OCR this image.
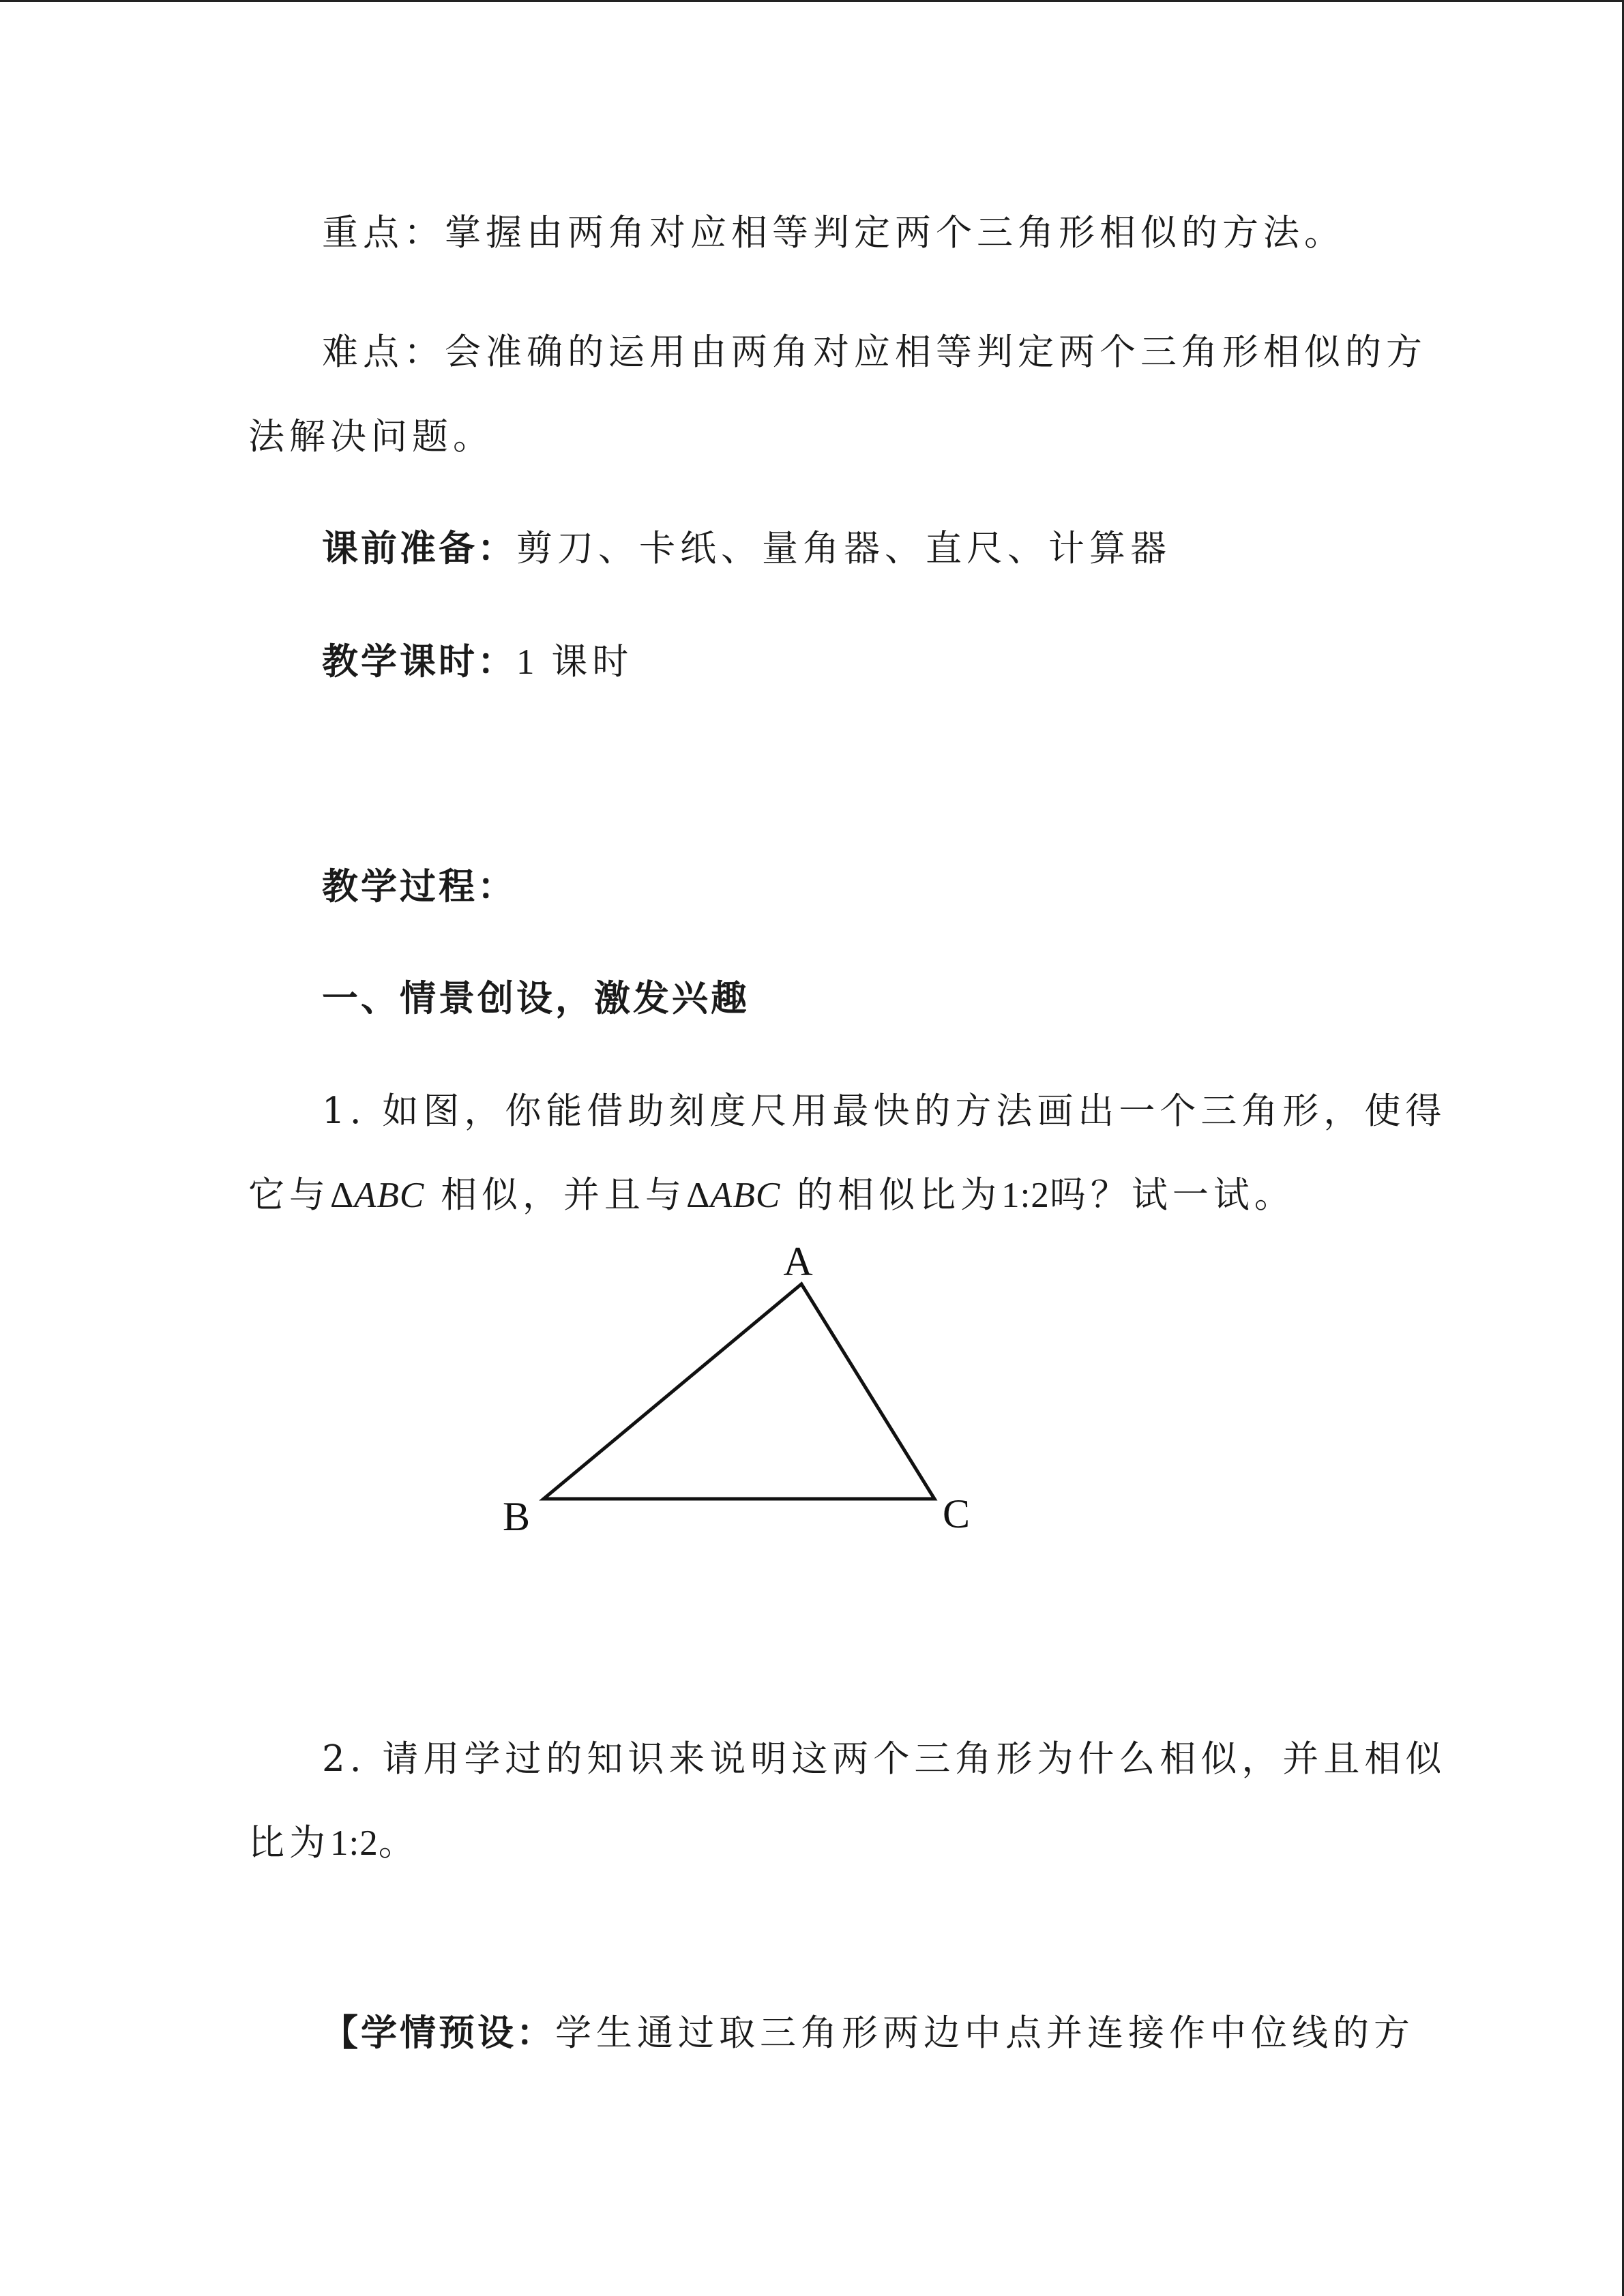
重点：掌握由两角对应相等判定两个三角形相似的方法。
难点：会准确的运用由两角对应相等判定两个三角形相似的方
法解决问题。
课前准备：剪刀、卡纸、量角器、直尺、计算器
教学课时：1 课时
教学过程：
一、情景创设，激发兴趣
1. 如图，你能借助刻度尺用最快的方法画出一个三角形，使得
它与ΔABC 相似，并且与ΔABC 的相似比为1:2吗？试一试。
A
B	C
2. 请用学过的知识来说明这两个三角形为什么相似，并且相似
比为1:2。
【学情预设：学生通过取三角形两边中点并连接作中位线的方
